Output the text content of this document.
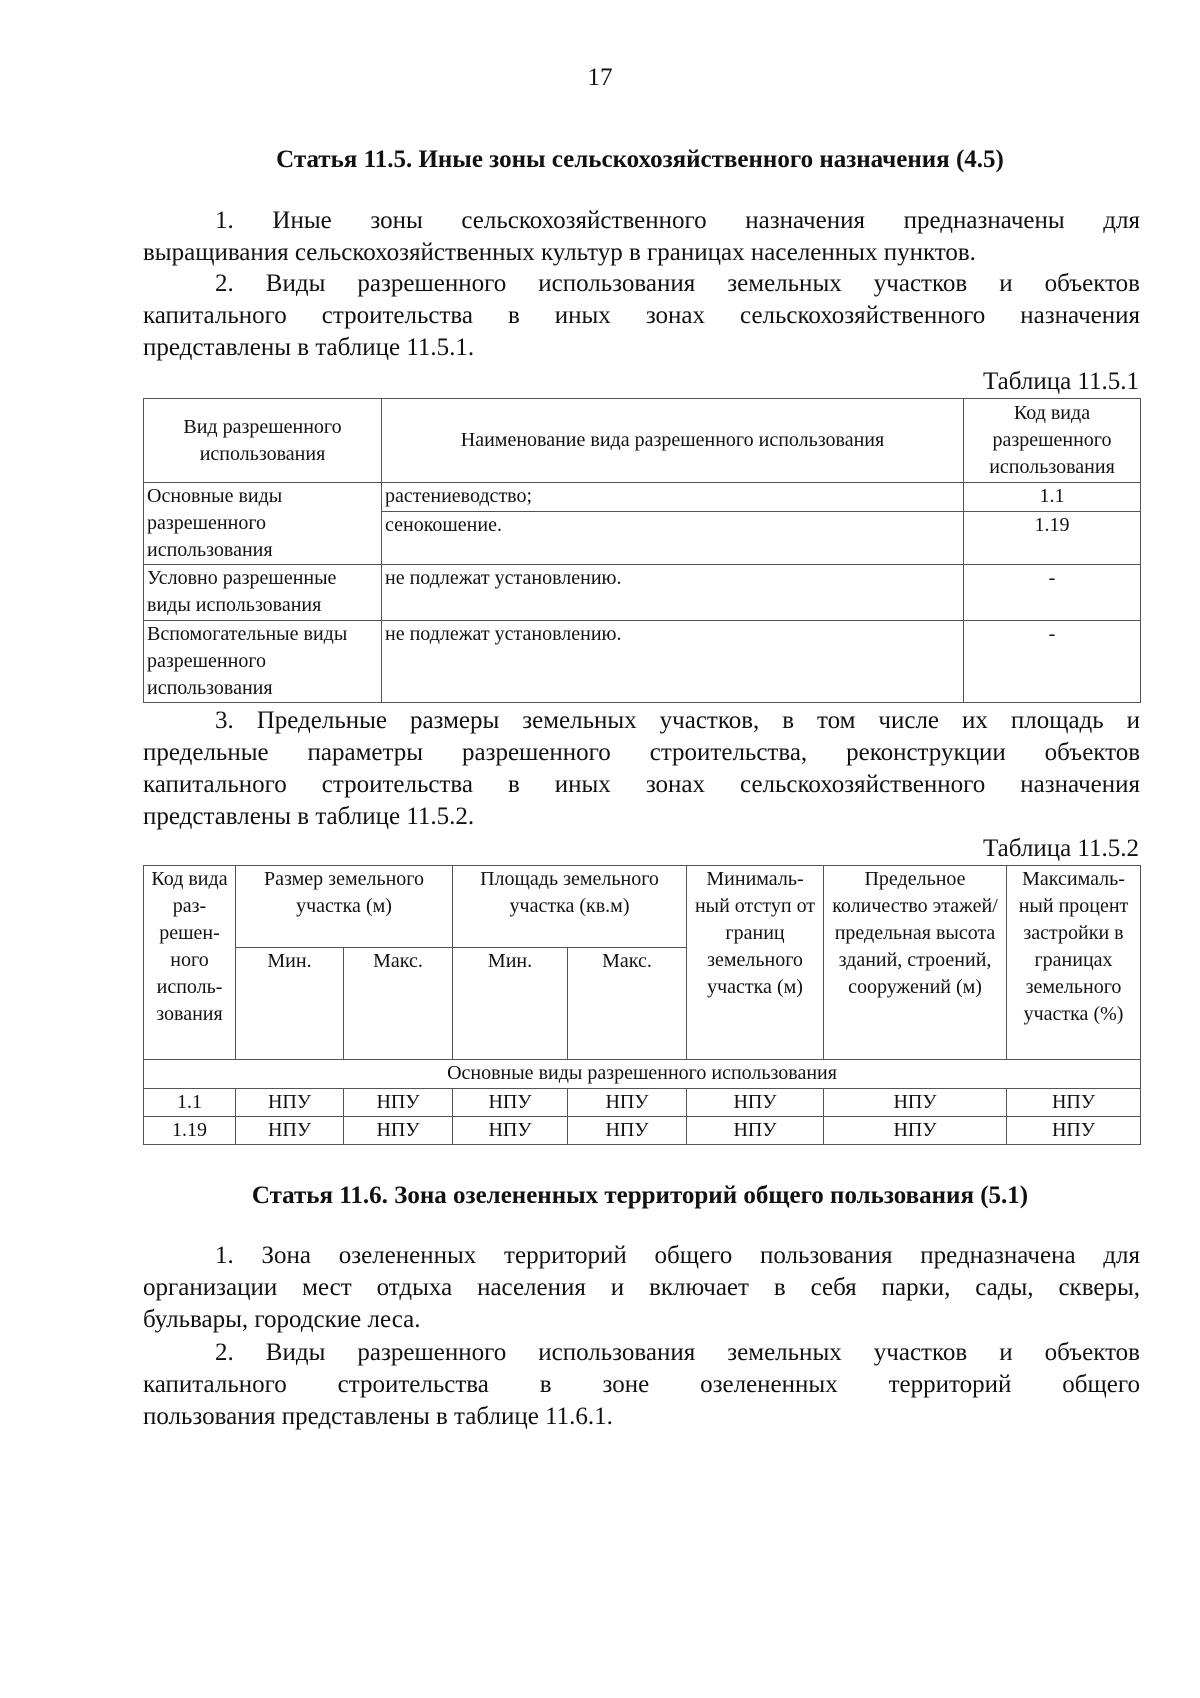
17
Статья 11.5. Иные зоны сельскохозяйственного назначения (4.5)
1. Иные зоны сельскохозяйственного назначения предназначены для
выращивания сельскохозяйственных культур в границах населенных пунктов.
2. Виды разрешенного использования земельных участков и объектов
капитального строительства в иных зонах сельскохозяйственного назначения
представлены в таблице 11.5.1.
Таблица 11.5.1
Вид разрешенного использования	Наименование вида разрешенного использования	Код вида разрешенного использования
Основные виды разрешенного использования	растениеводство;	1.1
	сенокошение.	1.19
Условно разрешенные виды использования	не подлежат установлению.	-
Вспомогательные виды разрешенного использования	не подлежат установлению.	-
3. Предельные размеры земельных участков, в том числе их площадь и
предельные параметры разрешенного строительства, реконструкции объектов
капитального строительства в иных зонах сельскохозяйственного назначения
представлены в таблице 11.5.2.
Таблица 11.5.2
Код вида раз- решен- ного исполь- зования	Размер земельного участка (м)		Площадь земельного участка (кв.м)		Минималь- ный отступ от границ земельного участка (м)	Предельное количество этажей/ предельная высота зданий, строений, сооружений (м)	Максималь- ный процент застройки в границах земельного участка (%)
	Мин.	Макс.	Мин.	Макс.			
Основные виды разрешенного использования							
1.1	НПУ	НПУ	НПУ	НПУ	НПУ	НПУ	НПУ
1.19	НПУ	НПУ	НПУ	НПУ	НПУ	НПУ	НПУ
Статья 11.6. Зона озелененных территорий общего пользования (5.1)
1. Зона озелененных территорий общего пользования предназначена для
организации мест отдыха населения и включает в себя парки, сады, скверы,
бульвары, городские леса.
2. Виды разрешенного использования земельных участков и объектов
капитального строительства в зоне озелененных территорий общего
пользования представлены в таблице 11.6.1.
